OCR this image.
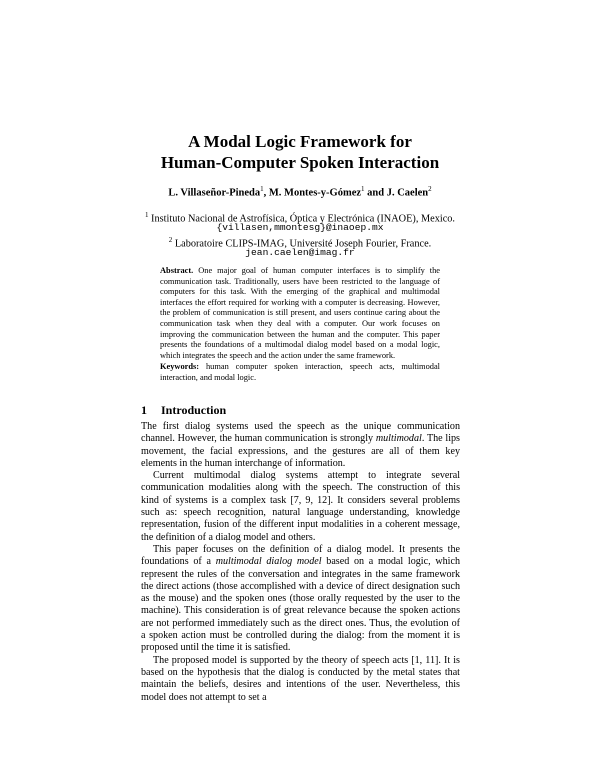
A Modal Logic Framework for
Human-Computer Spoken Interaction
L. Villaseñor-Pineda$^1$, M. Montes-y-Gómez$^1$ and J. Caelen$^2$
$^1$ Instituto Nacional de Astrofísica, Óptica y Electrónica (INAOE), Mexico.
{villasen,mmontesg}@inaoep.mx
$^2$ Laboratoire CLIPS-IMAG, Université Joseph Fourier, France.
jean.caelen@imag.fr
Abstract. One major goal of human computer interfaces is to simplify the communication task. Traditionally, users have been restricted to the language of computers for this task. With the emerging of the graphical and multimodal interfaces the effort required for working with a computer is decreasing. However, the problem of communication is still present, and users continue caring about the communication task when they deal with a computer. Our work focuses on improving the communication between the human and the computer. This paper presents the foundations of a multimodal dialog model based on a modal logic, which integrates the speech and the action under the same framework.
Keywords: human computer spoken interaction, speech acts, multimodal interaction, and modal logic.
1 Introduction

The first dialog systems used the speech as the unique communication channel. However, the human communication is strongly multimodal. The lips movement, the facial expressions, and the gestures are all of them key elements in the human interchange of information.

Current multimodal dialog systems attempt to integrate several communication modalities along with the speech. The construction of this kind of systems is a complex task [7, 9, 12]. It considers several problems such as: speech recognition, natural language understanding, knowledge representation, fusion of the different input modalities in a coherent message, the definition of a dialog model and others.

This paper focuses on the definition of a dialog model. It presents the foundations of a multimodal dialog model based on a modal logic, which represent the rules of the conversation and integrates in the same framework the direct actions (those accomplished with a device of direct designation such as the mouse) and the spoken ones (those orally requested by the user to the machine). This consideration is of great relevance because the spoken actions are not performed immediately such as the direct ones. Thus, the evolution of a spoken action must be controlled during the dialog: from the moment it is proposed until the time it is satisfied.

The proposed model is supported by the theory of speech acts [1, 11]. It is based on the hypothesis that the dialog is conducted by the metal states that maintain the beliefs, desires and intentions of the user. Nevertheless, this model does not attempt to set a
